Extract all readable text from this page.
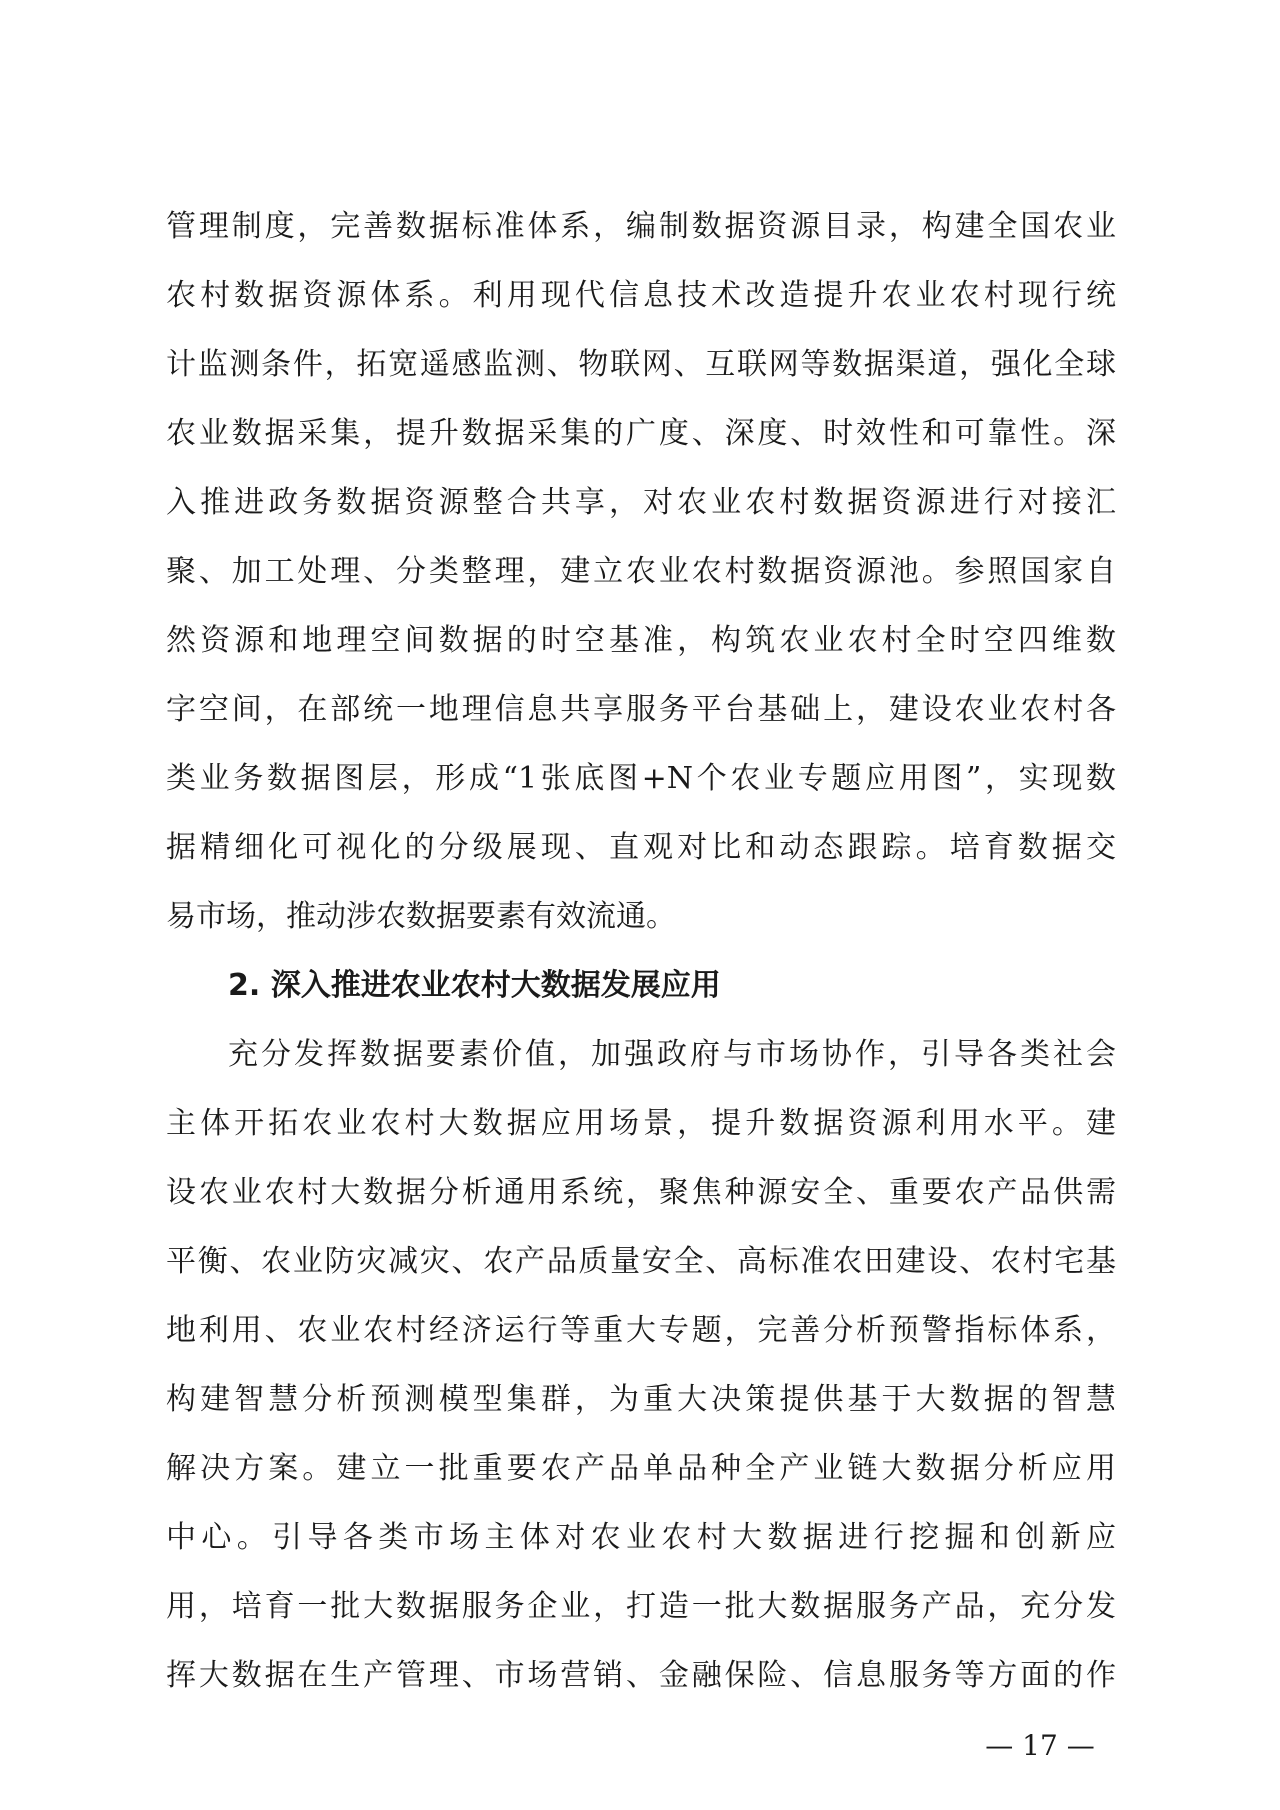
管理制度，完善数据标准体系，编制数据资源目录，构建全国农业
农村数据资源体系。利用现代信息技术改造提升农业农村现行统
计监测条件，拓宽遥感监测、物联网、互联网等数据渠道，强化全球
农业数据采集，提升数据采集的广度、深度、时效性和可靠性。深
入推进政务数据资源整合共享，对农业农村数据资源进行对接汇
聚、加工处理、分类整理，建立农业农村数据资源池。参照国家自
然资源和地理空间数据的时空基准，构筑农业农村全时空四维数
字空间，在部统一地理信息共享服务平台基础上，建设农业农村各
类业务数据图层，形成“1张底图+N个农业专题应用图”，实现数
据精细化可视化的分级展现、直观对比和动态跟踪。培育数据交
易市场，推动涉农数据要素有效流通。
2. 深入推进农业农村大数据发展应用
充分发挥数据要素价值，加强政府与市场协作，引导各类社会
主体开拓农业农村大数据应用场景，提升数据资源利用水平。建
设农业农村大数据分析通用系统，聚焦种源安全、重要农产品供需
平衡、农业防灾减灾、农产品质量安全、高标准农田建设、农村宅基
地利用、农业农村经济运行等重大专题，完善分析预警指标体系，
构建智慧分析预测模型集群，为重大决策提供基于大数据的智慧
解决方案。建立一批重要农产品单品种全产业链大数据分析应用
中心。引导各类市场主体对农业农村大数据进行挖掘和创新应
用，培育一批大数据服务企业，打造一批大数据服务产品，充分发
挥大数据在生产管理、市场营销、金融保险、信息服务等方面的作
— 17 —
